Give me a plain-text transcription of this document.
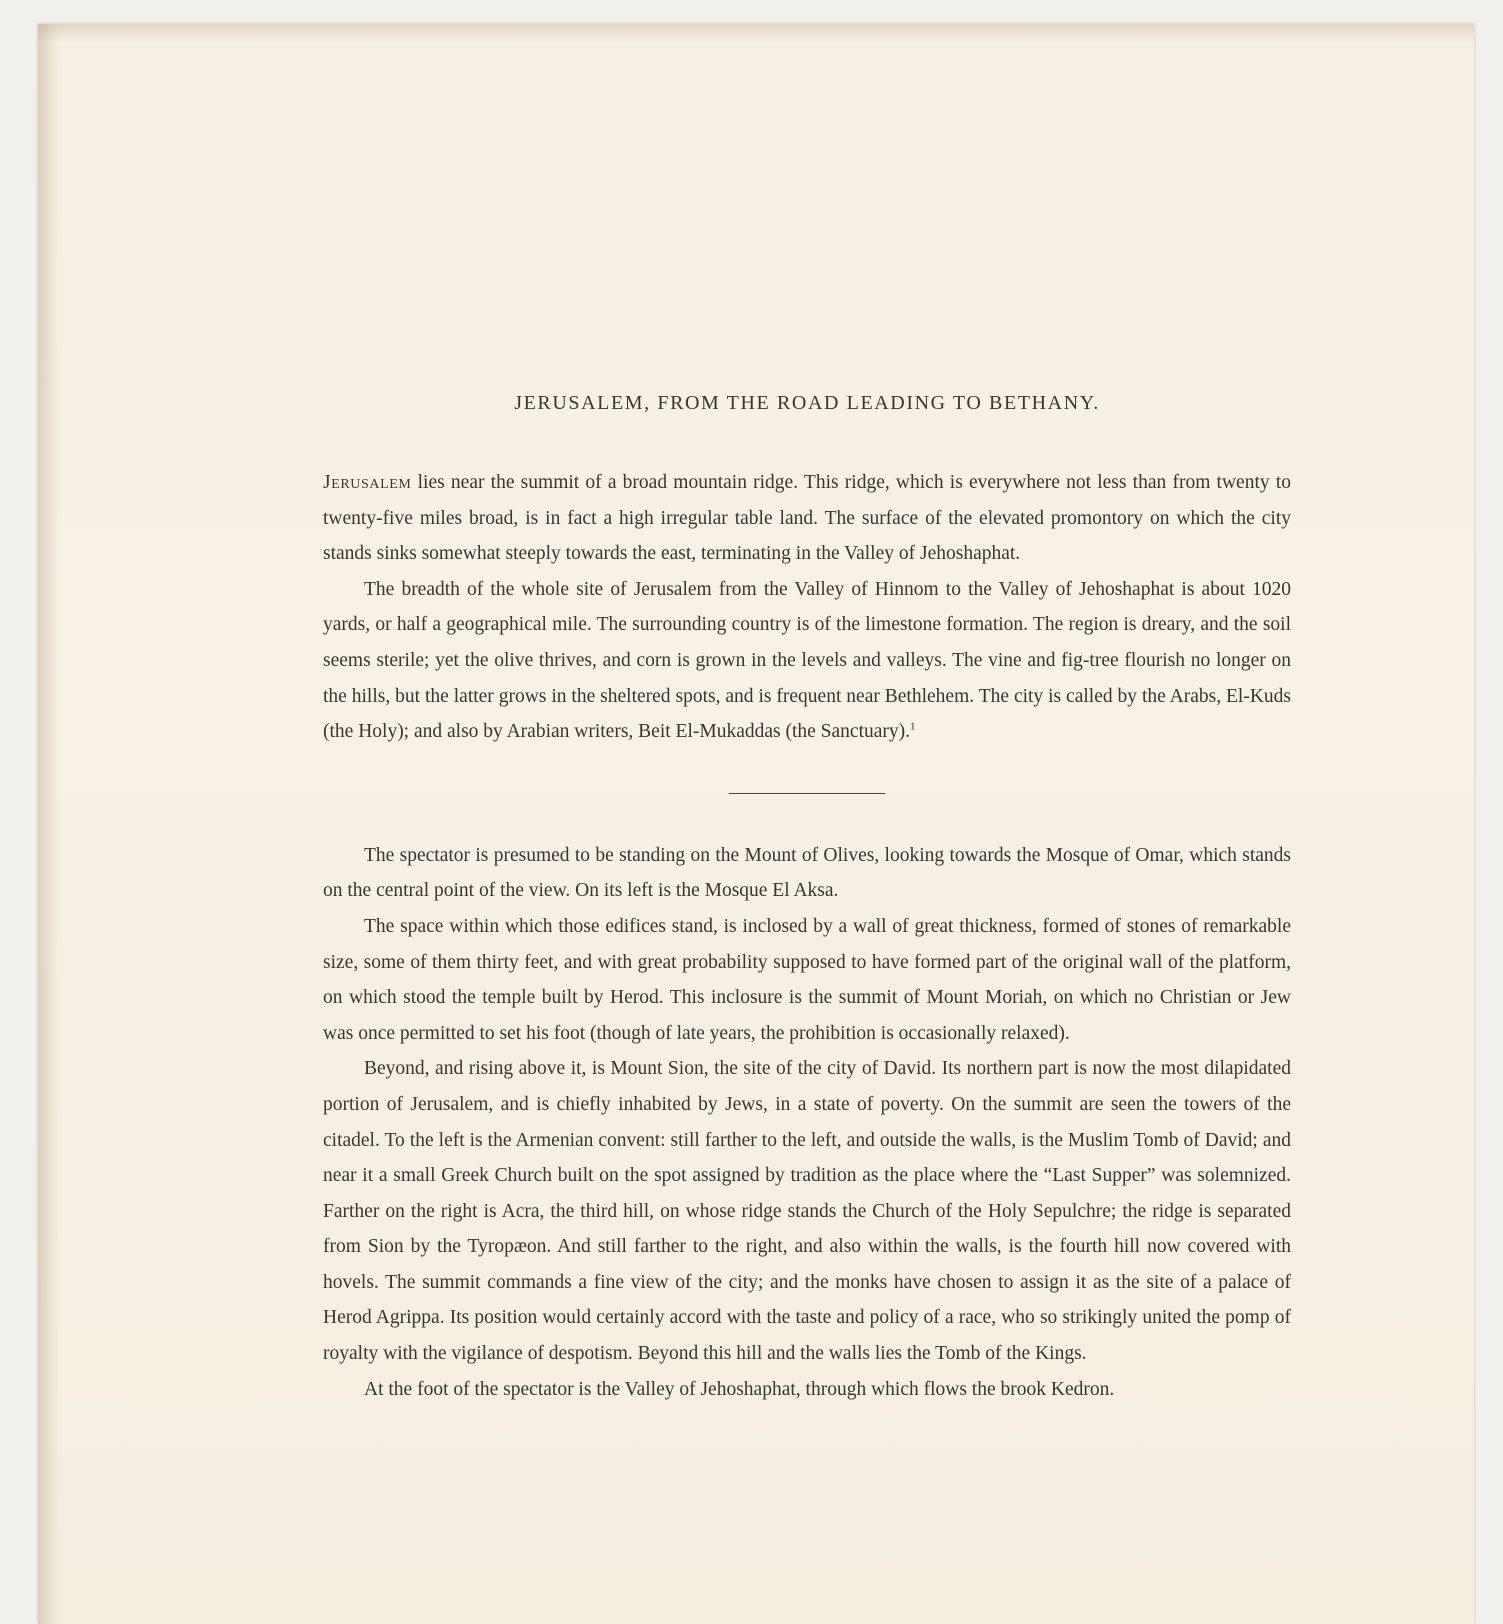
JERUSALEM, FROM THE ROAD LEADING TO BETHANY.

Jerusalem lies near the summit of a broad mountain ridge. This ridge, which is everywhere not less than from twenty to twenty-five miles broad, is in fact a high irregular table land. The surface of the elevated promontory on which the city stands sinks somewhat steeply towards the east, terminating in the Valley of Jehoshaphat.

The breadth of the whole site of Jerusalem from the Valley of Hinnom to the Valley of Jehoshaphat is about 1020 yards, or half a geographical mile. The surrounding country is of the limestone formation. The region is dreary, and the soil seems sterile; yet the olive thrives, and corn is grown in the levels and valleys. The vine and fig-tree flourish no longer on the hills, but the latter grows in the sheltered spots, and is frequent near Bethlehem. The city is called by the Arabs, El-Kuds (the Holy); and also by Arabian writers, Beit El-Mukaddas (the Sanctuary).$^1$

The spectator is presumed to be standing on the Mount of Olives, looking towards the Mosque of Omar, which stands on the central point of the view. On its left is the Mosque El Aksa.

The space within which those edifices stand, is inclosed by a wall of great thickness, formed of stones of remarkable size, some of them thirty feet, and with great probability supposed to have formed part of the original wall of the platform, on which stood the temple built by Herod. This inclosure is the summit of Mount Moriah, on which no Christian or Jew was once permitted to set his foot (though of late years, the prohibition is occasionally relaxed).

Beyond, and rising above it, is Mount Sion, the site of the city of David. Its northern part is now the most dilapidated portion of Jerusalem, and is chiefly inhabited by Jews, in a state of poverty. On the summit are seen the towers of the citadel. To the left is the Armenian convent: still farther to the left, and outside the walls, is the Muslim Tomb of David; and near it a small Greek Church built on the spot assigned by tradition as the place where the “Last Supper” was solemnized. Farther on the right is Acra, the third hill, on whose ridge stands the Church of the Holy Sepulchre; the ridge is separated from Sion by the Tyropæon. And still farther to the right, and also within the walls, is the fourth hill now covered with hovels. The summit commands a fine view of the city; and the monks have chosen to assign it as the site of a palace of Herod Agrippa. Its position would certainly accord with the taste and policy of a race, who so strikingly united the pomp of royalty with the vigilance of despotism. Beyond this hill and the walls lies the Tomb of the Kings.

At the foot of the spectator is the Valley of Jehoshaphat, through which flows the brook Kedron.
